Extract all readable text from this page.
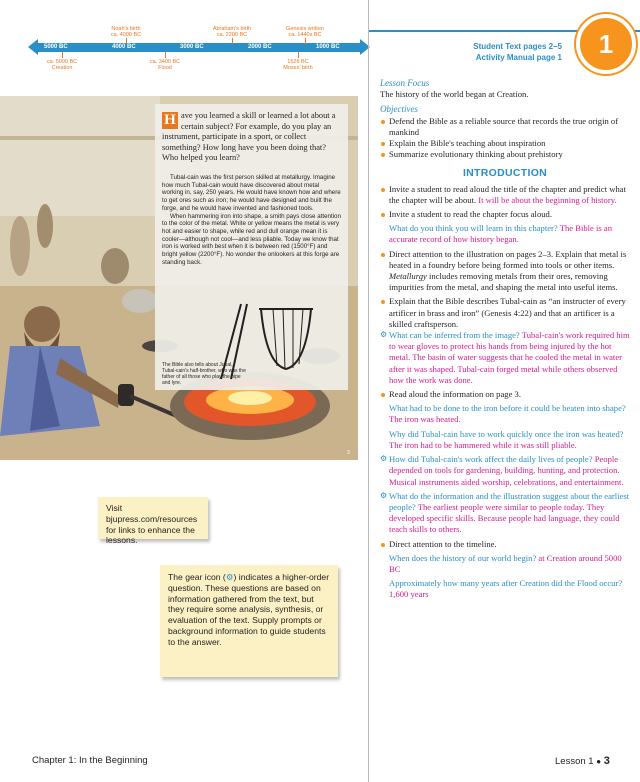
5000 BC	4000 BC	3000 BC	2000 BC	1000 BC
Noah's birth
ca. 4000 BC
Abraham's birth
ca. 2200 BC
Genesis written
ca. 1440s BC
ca. 5000 BC
Creation
ca. 3400 BC
Flood
1526 BC
Moses' birth
H ave you learned a skill or learned a lot about a certain subject? For example, do you play an instrument, participate in a sport, or collect something? How long have you been doing that? Who helped you learn?
Tubal-cain was the first person skilled at metallurgy. Imagine how much Tubal-cain would have discovered about metal working in, say, 250 years. He would have known how and where to get ores such as iron; he would have designed and built the forge, and he would have invented and fashioned tools.
When hammering iron into shape, a smith pays close attention to the color of the metal. White or yellow means the metal is very hot and easier to shape, while red and dull orange mean it is cooler—although not cool—and less pliable. Today we know that iron is worked with best when it is between red (1500°F) and bright yellow (2200°F). No wonder the onlookers at this forge are standing back.
The Bible also tells about Jubal, Tubal-cain's half-brother, who was the father of all those who play the pipe and lyre.
3
Visit bjupress.com/resources for links to enhance the lessons.
The gear icon (⚙) indicates a higher-order question. These questions are based on information gathered from the text, but they require some analysis, synthesis, or evaluation of the text. Supply prompts or background information to guide students to the answer.
1
Student Text pages 2–5
Activity Manual page 1
Lesson Focus
The history of the world began at Creation.
Objectives
Defend the Bible as a reliable source that records the true origin of mankind
Explain the Bible's teaching about inspiration
Summarize evolutionary thinking about prehistory
INTRODUCTION
Invite a student to read aloud the title of the chapter and predict what the chapter will be about. It will be about the beginning of history.
Invite a student to read the chapter focus aloud.
What do you think you will learn in this chapter? The Bible is an accurate record of how history began.
Direct attention to the illustration on pages 2–3. Explain that metal is heated in a foundry before being formed into tools or other items. Metallurgy includes removing metals from their ores, removing impurities from the metal, and shaping the metal into useful items.
Explain that the Bible describes Tubal-cain as “an instructer of every artificer in brass and iron” (Genesis 4:22) and that an artificer is a skilled craftsperson.
⚙ What can be inferred from the image? Tubal-cain's work required him to wear gloves to protect his hands from being injured by the hot metal. The basin of water suggests that he cooled the metal in water after it was shaped. Tubal-cain forged metal while others observed how the work was done.
Read aloud the information on page 3.
What had to be done to the iron before it could be beaten into shape? The iron was heated.
Why did Tubal-cain have to work quickly once the iron was heated? The iron had to be hammered while it was still pliable.
⚙ How did Tubal-cain's work affect the daily lives of people? People depended on tools for gardening, building, hunting, and protection. Musical instruments aided worship, celebrations, and entertainment.
⚙ What do the information and the illustration suggest about the earliest people? The earliest people were similar to people today. They developed specific skills. Because people had language, they could teach skills to others.
Direct attention to the timeline.
When does the history of our world begin? at Creation around 5000 BC
Approximately how many years after Creation did the Flood occur? 1,600 years
Chapter 1: In the Beginning	Lesson 1 ● 3
